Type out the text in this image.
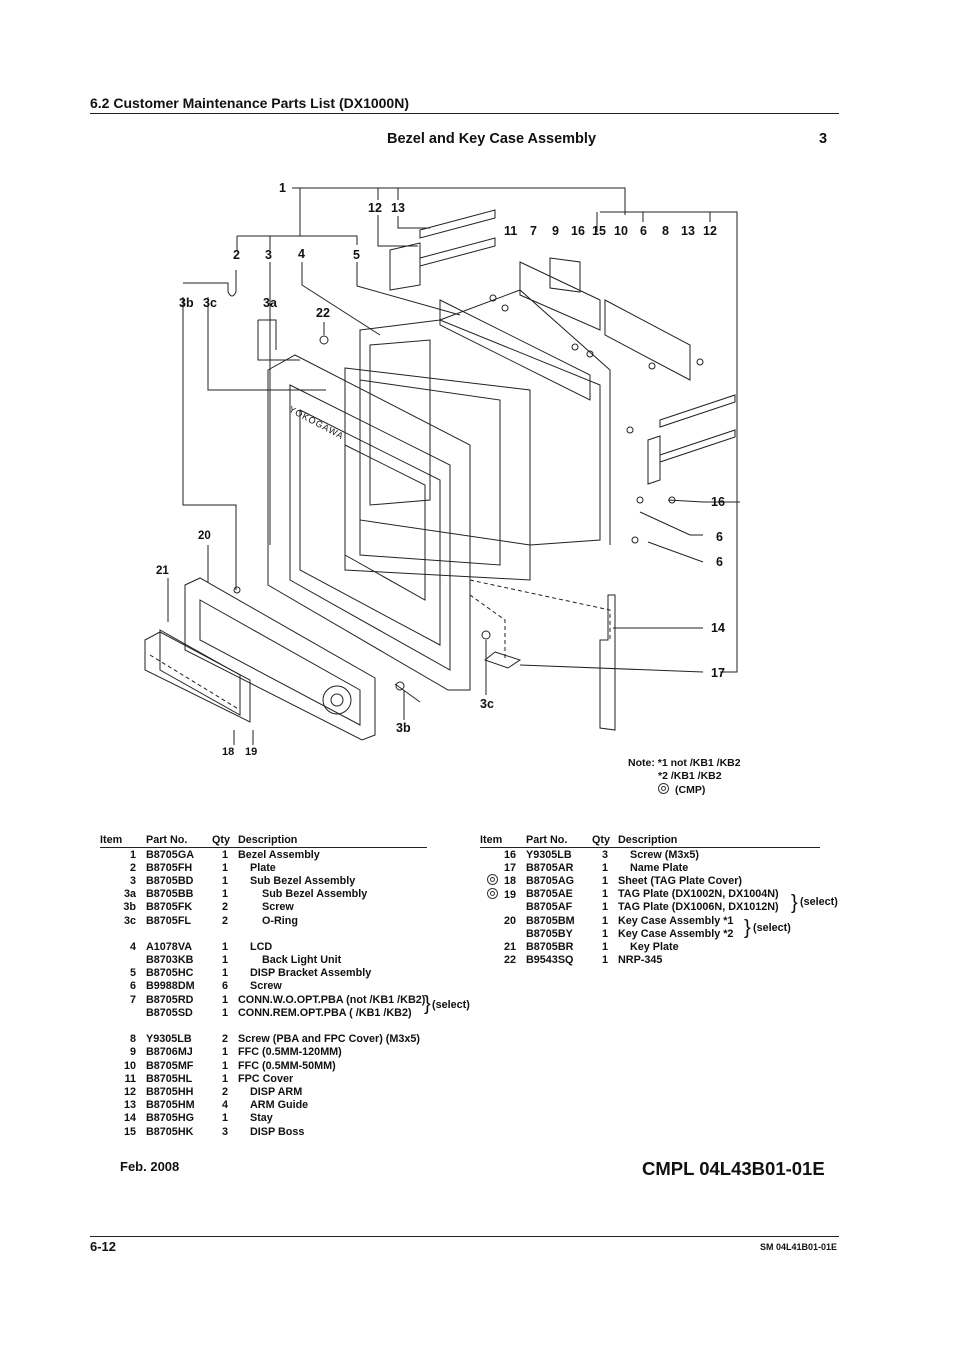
6.2 Customer Maintenance Parts List (DX1000N)
Bezel and Key Case Assembly	3
1
12 13
2 3 4	5
11 7 9 16 15 10 6 8 13 12
3b 3c	3a
22
16
6
6
20
21
14
17
3c
3b
18 19
YOKOGAWA
Note: *1 not /KB1 /KB2
*2 /KB1 /KB2
(CMP)
Item	Part No.	Qty	Description
1	B8705GA	1	Bezel Assembly
2	B8705FH	1	Plate
3	B8705BD	1	Sub Bezel Assembly
3a	B8705BB	1	Sub Bezel Assembly
3b	B8705FK	2	Screw
3c	B8705FL	2	O-Ring

4	A1078VA	1	LCD
	B8703KB	1	Back Light Unit
5	B8705HC	1	DISP Bracket Assembly
6	B9988DM	6	Screw
7	B8705RD	1	CONN.W.O.OPT.PBA (not /KB1 /KB2)
	B8705SD	1	CONN.REM.OPT.PBA ( /KB1 /KB2)

8	Y9305LB	2	Screw (PBA and FPC Cover) (M3x5)
9	B8706MJ	1	FFC (0.5MM-120MM)
10	B8705MF	1	FFC (0.5MM-50MM)
11	B8705HL	1	FPC Cover
12	B8705HH	2	DISP ARM
13	B8705HM	4	ARM Guide
14	B8705HG	1	Stay
15	B8705HK	3	DISP Boss
Item	Part No.	Qty	Description
16	Y9305LB	3	Screw (M3x5)
17	B8705AR	1	Name Plate
18	B8705AG	1	Sheet (TAG Plate Cover)
19	B8705AE	1	TAG Plate (DX1002N, DX1004N)
	B8705AF	1	TAG Plate (DX1006N, DX1012N)
20	B8705BM	1	Key Case Assembly *1
	B8705BY	1	Key Case Assembly *2
21	B8705BR	1	Key Plate
22	B9543SQ	1	NRP-345
} (select)
} (select)
} (select)
Feb. 2008	CMPL 04L43B01-01E
6-12	SM 04L41B01-01E
